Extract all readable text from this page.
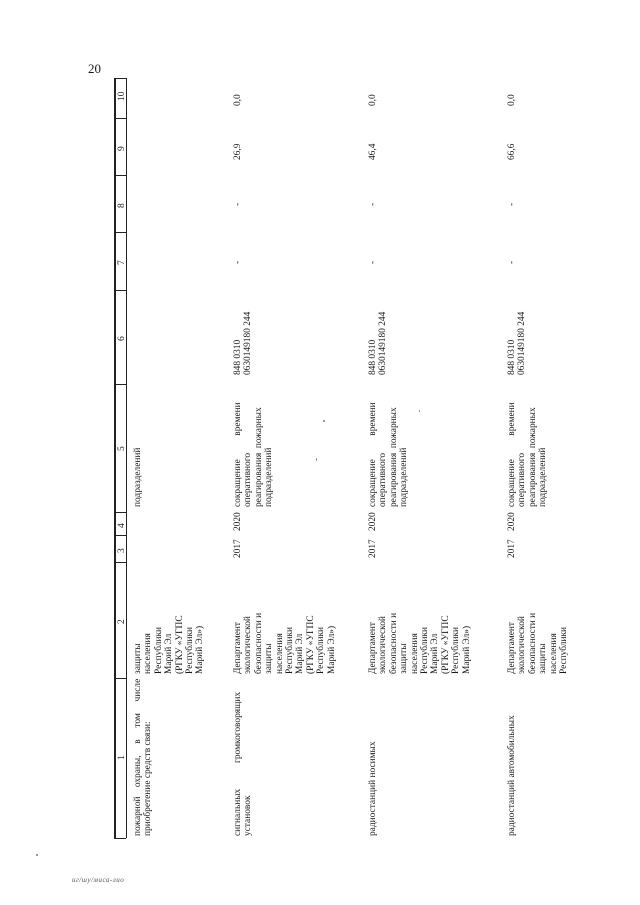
20
10
9
8
7
6
5
4
3
2
1
пожарной    охраны,     в     том     числе
приобретение средств связи:
защиты
населения
Республики
Марий Эл
(РГКУ «УГПС
Республики
Марий Эл»)
подразделений
сигнальных           громкоговорящих
установок
Департамент
экологической
безопасности и
защиты
населения
Республики
Марий Эл
(РГКУ «УГПС
Республики
Марий Эл»)
2017
2020
сокращение          времени
оперативного
реагирования  пожарных
подразделений
848 0310
0630149180 244
-
-
26,9
0,0
радиостанций носимых
Департамент
экологической
безопасности и
защиты
населения
Республики
Марий Эл
(РГКУ «УГПС
Республики
Марий Эл»)
2017
2020
сокращение          времени
оперативного
реагирования  пожарных
подразделений
848 0310
0630149180 244
-
-
46,4
0,0
радиостанций автомобильных
Департамент
экологической
безопасности и
защиты
населения
Республики
2017
2020
сокращение          времени
оперативного
реагирования  пожарных
подразделений
848 0310
0630149180 244
-
-
66,6
0,0
иг/шу/миса-лио
